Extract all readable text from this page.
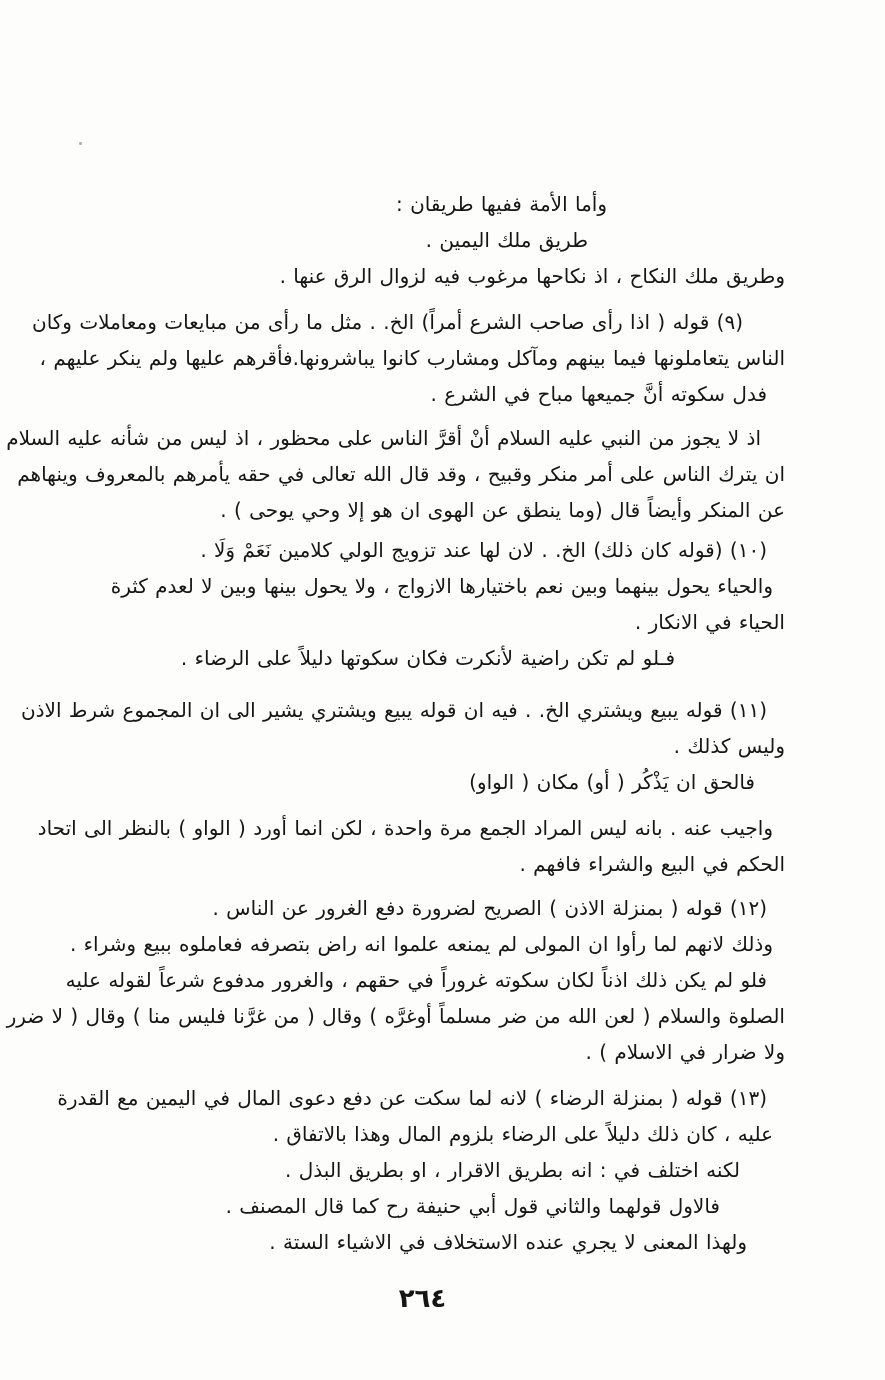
وأما الأمة ففيها طريقان :
طريق ملك اليمين .
وطريق ملك النكاح ، اذ نكاحها مرغوب فيه لزوال الرق عنها .
(٩) قوله ( اذا رأى صاحب الشرع أمراً) الخ. . مثل ما رأى من مبايعات ومعاملات وكان
الناس يتعاملونها فيما بينهم ومآكل ومشارب كانوا يباشرونها.فأقرهم عليها ولم ينكر عليهم ،
فدل سكوته أنَّ جميعها مباح في الشرع .
اذ لا يجوز من النبي عليه السلام أنْ أقرَّ الناس على محظور ، اذ ليس من شأنه عليه السلام
ان يترك الناس على أمر منكر وقبيح ، وقد قال الله تعالى في حقه يأمرهم بالمعروف وينهاهم
عن المنكر وأيضاً قال (وما ينطق عن الهوى ان هو إلا وحي يوحى ) .
(١٠) (قوله كان ذلك) الخ. . لان لها عند تزويج الولي كلامين نَعَمْ وَلَا .
والحياء يحول بينهما وبين نعم باختيارها الازواج ، ولا يحول بينها وبين لا لعدم كثرة
الحياء في الانكار .
فـلو لم تكن راضية لأنكرت فكان سكوتها دليلاً على الرضاء .
(١١) قوله يبيع ويشتري الخ. . فيه ان قوله يبيع ويشتري يشير الى ان المجموع شرط الاذن
وليس كذلك .
فالحق ان يَذْكُر ( أو) مكان ( الواو)
واجيب عنه . بانه ليس المراد الجمع مرة واحدة ، لكن انما أورد ( الواو ) بالنظر الى اتحاد
الحكم في البيع والشراء فافهم .
(١٢) قوله ( بمنزلة الاذن ) الصريح لضرورة دفع الغرور عن الناس .
وذلك لانهم لما رأوا ان المولى لم يمنعه علموا انه راض بتصرفه فعاملوه ببيع وشراء .
فلو لم يكن ذلك اذناً لكان سكوته غروراً في حقهم ، والغرور مدفوع شرعاً لقوله عليه
الصلوة والسلام ( لعن الله من ضر مسلماً أوغرَّه ) وقال ( من غرَّنا فليس منا ) وقال ( لا ضرر
ولا ضرار في الاسلام ) .
(١٣) قوله ( بمنزلة الرضاء ) لانه لما سكت عن دفع دعوى المال في اليمين مع القدرة
عليه ، كان ذلك دليلاً على الرضاء بلزوم المال وهذا بالاتفاق .
لكنه اختلف في : انه بطريق الاقرار ، او بطريق البذل .
فالاول قولهما والثاني قول أبي حنيفة رح كما قال المصنف .
ولهذا المعنى لا يجري عنده الاستخلاف في الاشياء الستة .
٢٦٤
